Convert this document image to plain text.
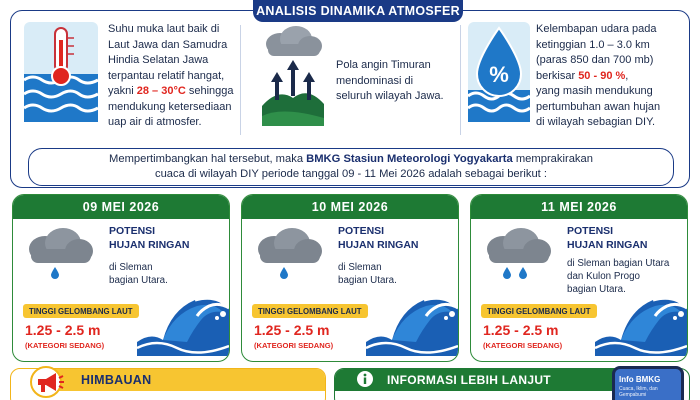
ANALISIS DINAMIKA ATMOSFER
Suhu muka laut baik di
Laut Jawa dan Samudra
Hindia Selatan Jawa
terpantau relatif hangat,
yakni 28 – 30°C sehingga
mendukung ketersediaan
uap air di atmosfer.
Pola angin Timuran
mendominasi di
seluruh wilayah Jawa.
%
Kelembapan udara pada
ketinggian 1.0 – 3.0 km
(paras 850 dan 700 mb)
berkisar 50 - 90 %,
yang masih mendukung
pertumbuhan awan hujan
di wilayah sebagian DIY.
Mempertimbangkan hal tersebut, maka BMKG Stasiun Meteorologi Yogyakarta memprakirakan
cuaca di wilayah DIY periode tanggal 09 - 11 Mei 2026 adalah sebagai berikut :
09 MEI 2026
POTENSI
HUJAN RINGAN
di Sleman
bagian Utara.
TINGGI GELOMBANG LAUT
1.25 - 2.5 m
(KATEGORI SEDANG)
10 MEI 2026
POTENSI
HUJAN RINGAN
di Sleman
bagian Utara.
TINGGI GELOMBANG LAUT
1.25 - 2.5 m
(KATEGORI SEDANG)
11 MEI 2026
POTENSI
HUJAN RINGAN
di Sleman bagian Utara
dan Kulon Progo
bagian Utara.
TINGGI GELOMBANG LAUT
1.25 - 2.5 m
(KATEGORI SEDANG)
HIMBAUAN	INFORMASI LEBIH LANJUT	Info BMKG
Cuaca, Iklim, dan Gempabumi
